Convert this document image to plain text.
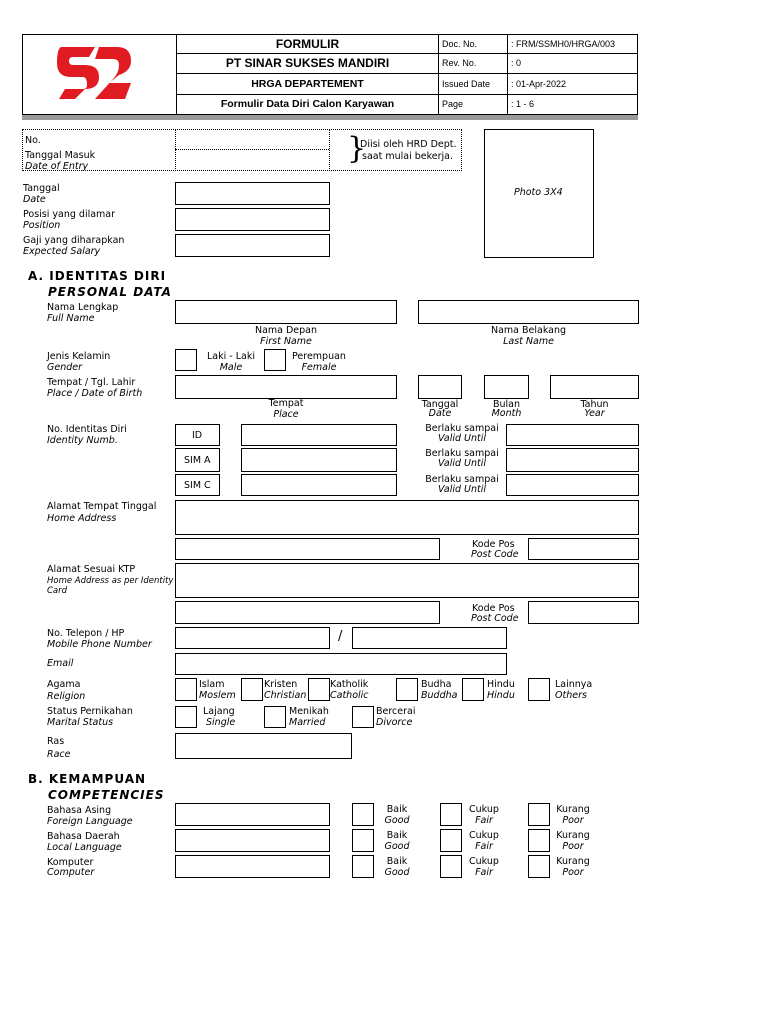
FORMULIR
PT SINAR SUKSES MANDIRI
HRGA DEPARTEMENT
Formulir Data Diri Calon Karyawan
Doc. No.
Rev. No.
Issued Date
Page
: FRM/SSMH0/HRGA/003
: 0
: 01-Apr-2022
: 1 - 6
No.
Tanggal Masuk
Date of Entry
}
Diisi oleh HRD Dept.
saat mulai bekerja.
Photo 3X4
Tanggal
Date
Posisi yang dilamar
Position
Gaji yang diharapkan
Expected Salary
A. IDENTITAS DIRI
PERSONAL DATA
Nama Lengkap
Full Name
Nama Depan
First Name
Nama Belakang
Last Name
Jenis Kelamin
Gender
Laki - Laki
Male
Perempuan
Female
Tempat / Tgl. Lahir
Place / Date of Birth
Tempat
Place
Tanggal
Date
Bulan
Month
Tahun
Year
No. Identitas Diri
Identity Numb.	ID
Berlaku sampai
Valid Until
SIM A
Berlaku sampai
Valid Until
SIM C
Berlaku sampai
Valid Until
Alamat Tempat Tinggal
Home Address
Kode Pos
Post Code
Alamat Sesuai KTP
Home Address as per Identity
Card
Kode Pos
Post Code
No. Telepon / HP
Mobile Phone Number
/
Email
Agama
Religion
Islam
Moslem
Kristen
Christian
Katholik
Catholic
Budha
Buddha
Hindu
Hindu
Lainnya
Others
Status Pernikahan
Marital Status
Lajang
Single
Menikah
Married
Bercerai
Divorce
Ras
Race
B. KEMAMPUAN
COMPETENCIES
Bahasa Asing
Foreign Language
Baik
Good
Cukup
Fair
Kurang
Poor
Bahasa Daerah
Local Language
Baik
Good
Cukup
Fair
Kurang
Poor
Komputer
Computer
Baik
Good
Cukup
Fair
Kurang
Poor
